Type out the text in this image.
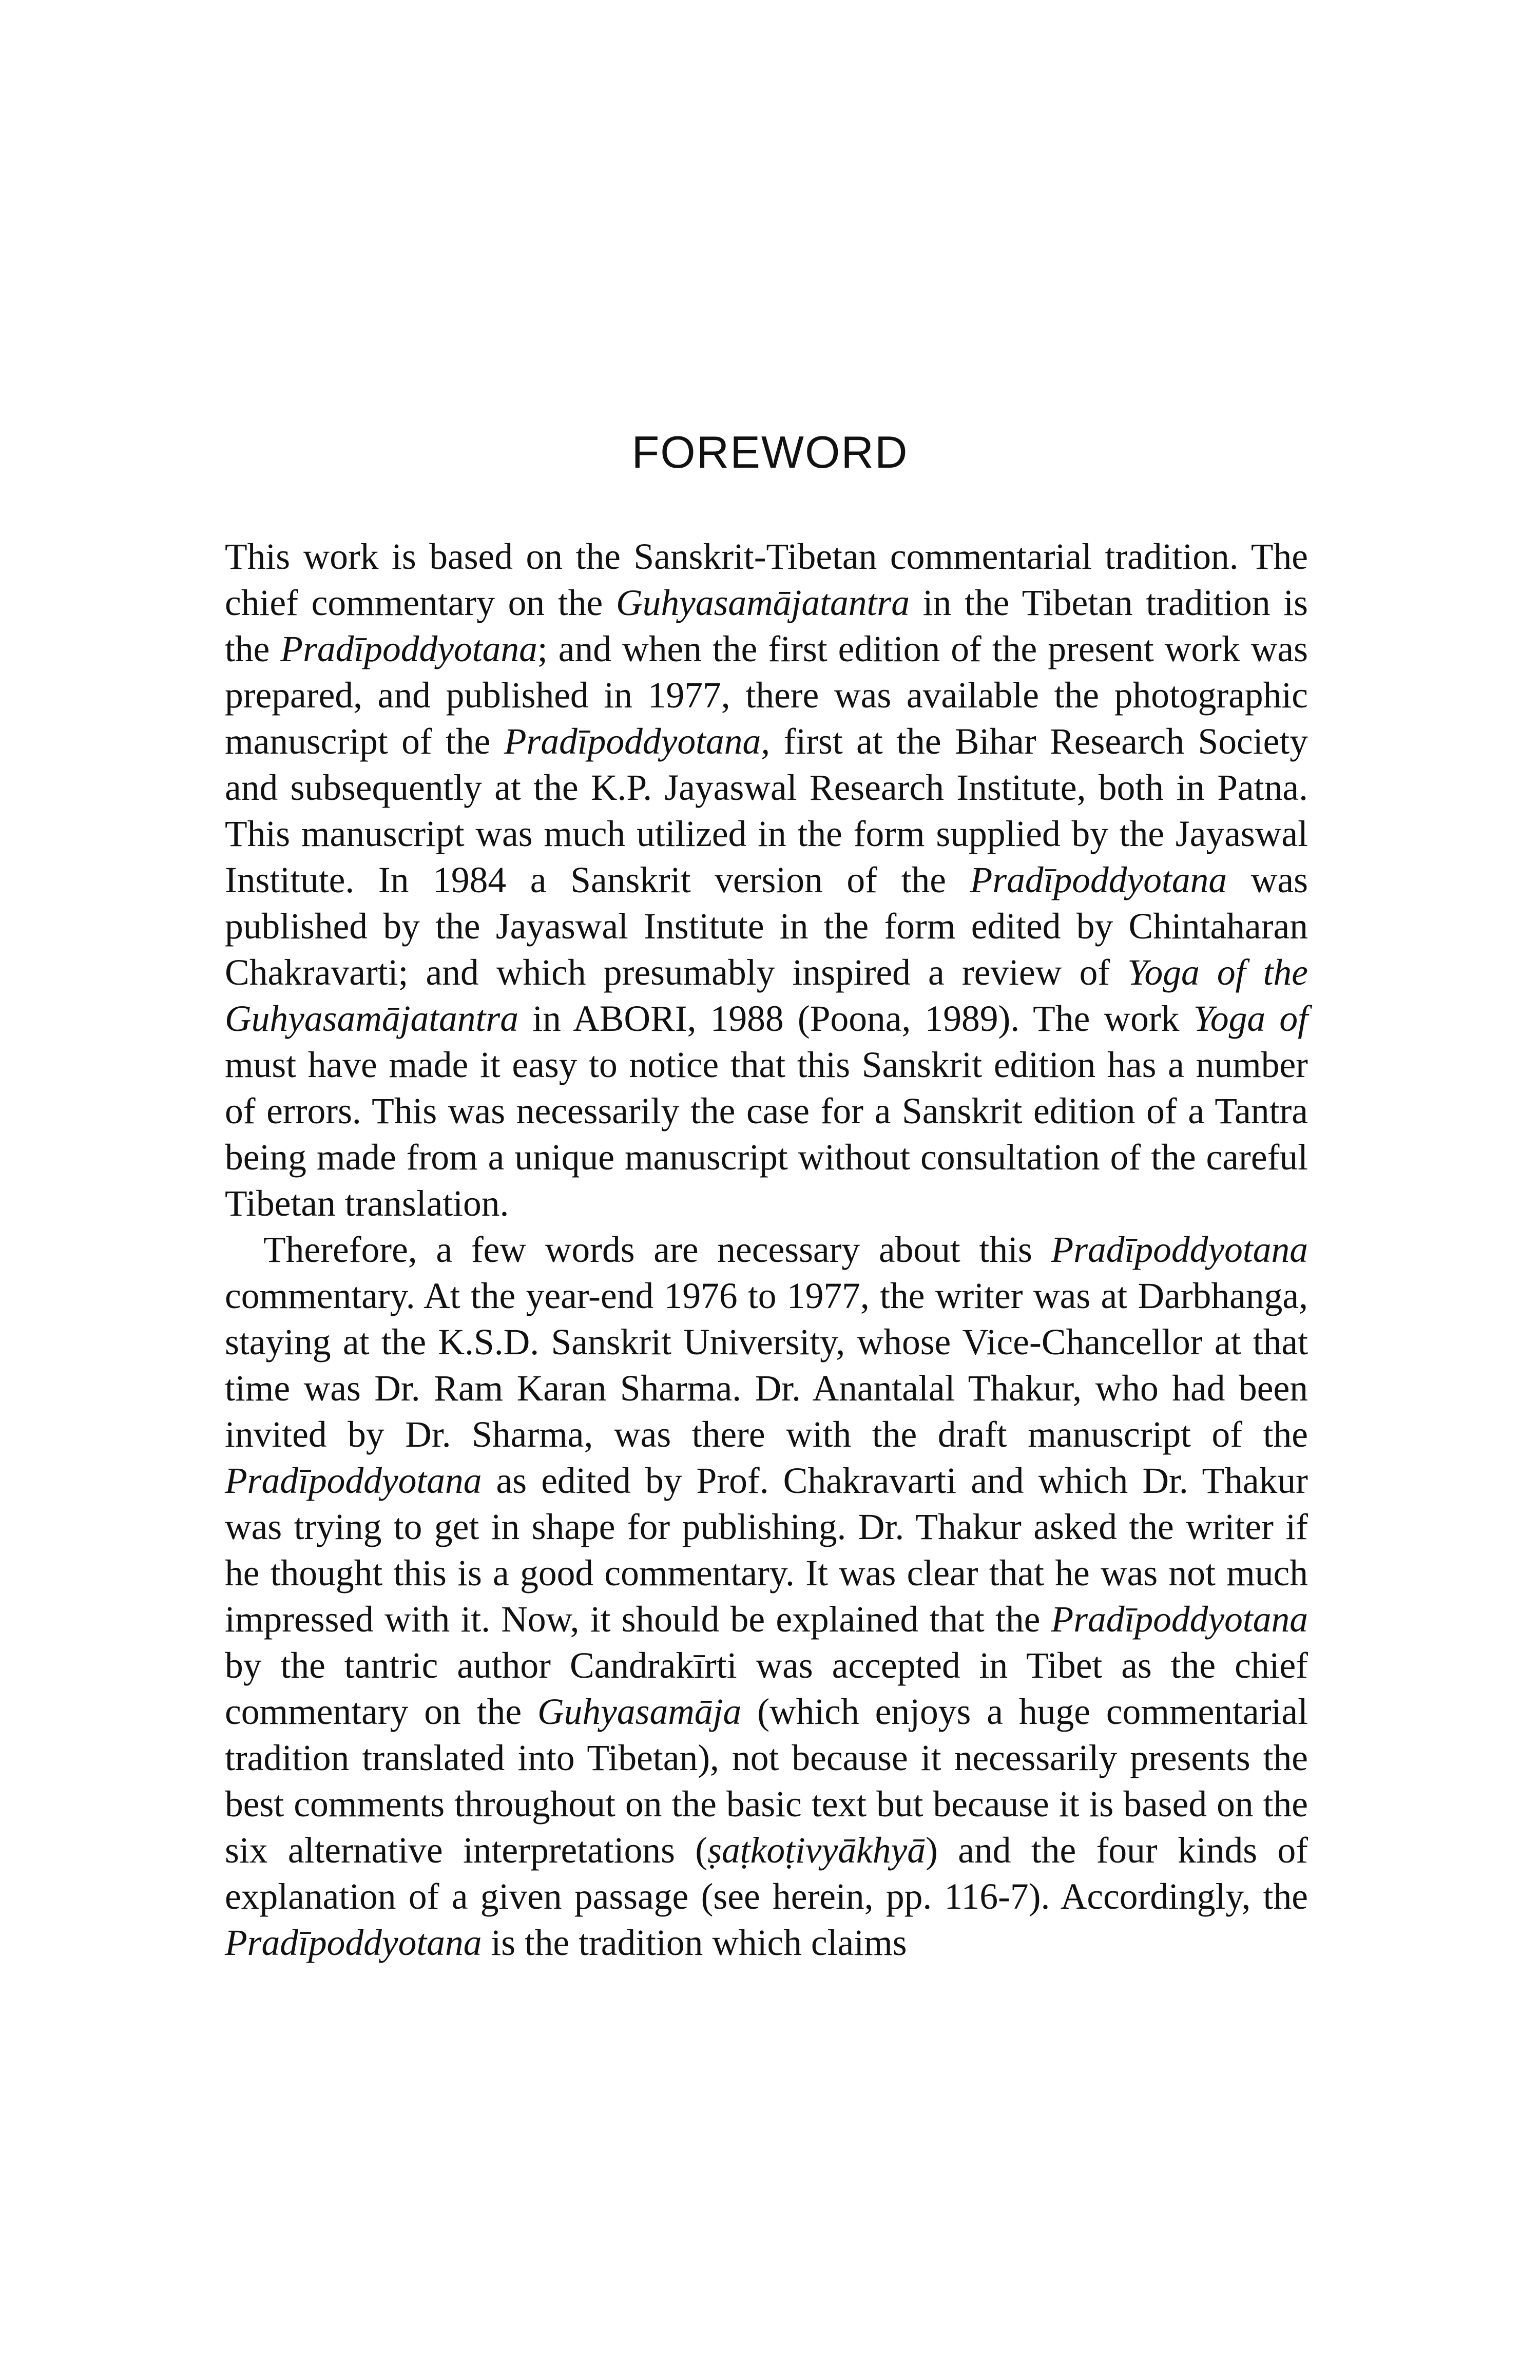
FOREWORD

This work is based on the Sanskrit-Tibetan commentarial tradition. The chief commentary on the Guhyasamājatantra in the Tibetan tradition is the Pradīpoddyotana; and when the first edition of the present work was prepared, and published in 1977, there was available the photographic manuscript of the Pradīpoddyotana, first at the Bihar Research Society and subsequently at the K.P. Jayaswal Research Institute, both in Patna. This manuscript was much utilized in the form supplied by the Jayaswal Institute. In 1984 a Sanskrit version of the Pradīpoddyotana was published by the Jayaswal Institute in the form edited by Chintaharan Chakravarti; and which presumably inspired a review of Yoga of the Guhyasamājatantra in ABORI, 1988 (Poona, 1989). The work Yoga of must have made it easy to notice that this Sanskrit edition has a number of errors. This was necessarily the case for a Sanskrit edition of a Tantra being made from a unique manuscript without consultation of the careful Tibetan translation.

Therefore, a few words are necessary about this Pradīpoddyotana commentary. At the year-end 1976 to 1977, the writer was at Darbhanga, staying at the K.S.D. Sanskrit University, whose Vice-Chancellor at that time was Dr. Ram Karan Sharma. Dr. Anantalal Thakur, who had been invited by Dr. Sharma, was there with the draft manuscript of the Pradīpoddyotana as edited by Prof. Chakravarti and which Dr. Thakur was trying to get in shape for publishing. Dr. Thakur asked the writer if he thought this is a good commentary. It was clear that he was not much impressed with it. Now, it should be explained that the Pradīpoddyotana by the tantric author Candrakīrti was accepted in Tibet as the chief commentary on the Guhyasamāja (which enjoys a huge commentarial tradition translated into Tibetan), not because it necessarily presents the best comments throughout on the basic text but because it is based on the six alternative interpretations (ṣaṭkoṭivyākhyā) and the four kinds of explanation of a given passage (see herein, pp. 116-7). Accordingly, the Pradīpoddyotana is the tradition which claims
